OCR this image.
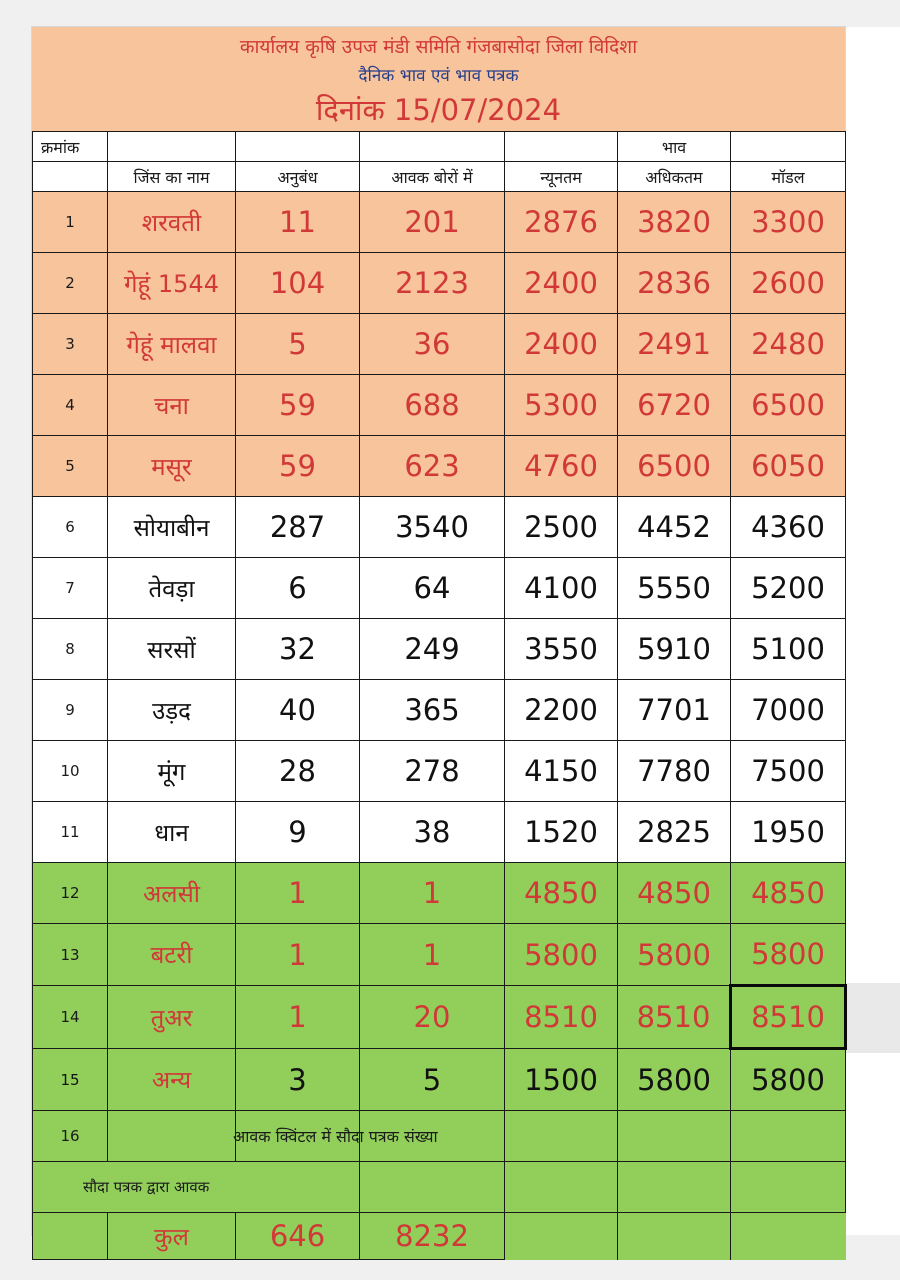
कार्यालय कृषि उपज मंडी समिति गंजबासोदा जिला विदिशा
दैनिक भाव एवं भाव पत्रक
दिनांक 15/07/2024
क्रमांक					भाव	
	जिंस का नाम	अनुबंध	आवक बोरों में	न्यूनतम	अधिकतम	मॉडल
1	शरवती	11	201	2876	3820	3300
2	गेहूं 1544	104	2123	2400	2836	2600
3	गेहूं मालवा	5	36	2400	2491	2480
4	चना	59	688	5300	6720	6500
5	मसूर	59	623	4760	6500	6050
6	सोयाबीन	287	3540	2500	4452	4360
7	तेवड़ा	6	64	4100	5550	5200
8	सरसों	32	249	3550	5910	5100
9	उड़द	40	365	2200	7701	7000
10	मूंग	28	278	4150	7780	7500
11	धान	9	38	1520	2825	1950
12	अलसी	1	1	4850	4850	4850
13	बटरी	1	1	5800	5800	5800
14	तुअर	1	20	8510	8510	8510
15	अन्य	3	5	1500	5800	5800
16		आवक क्विंटल में सौदा पत्रक संख्या				

सौदा पत्रक द्वारा आवक						
	कुल	646	8232			
